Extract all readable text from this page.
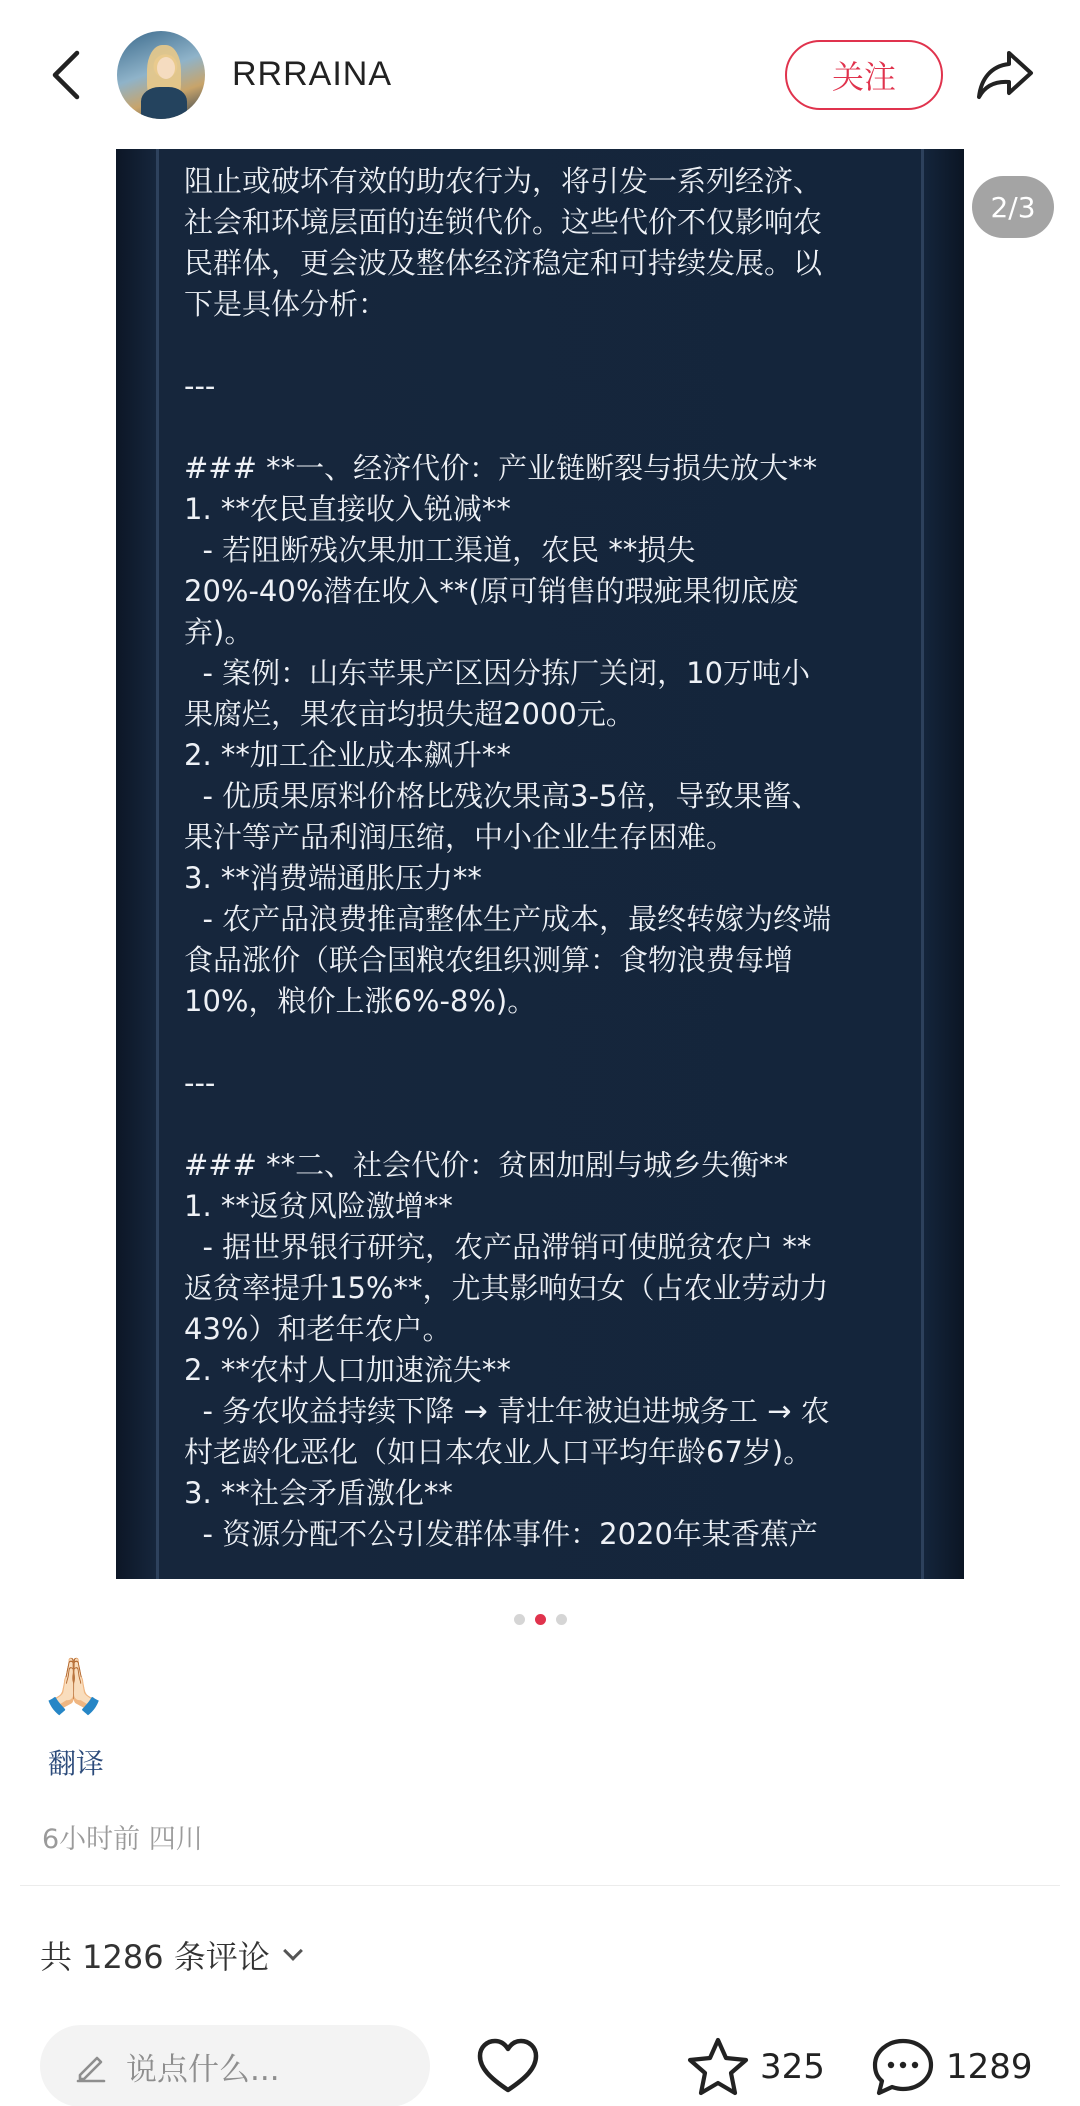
RRRAINA	关注
阻止或破坏有效的助农行为，将引发一系列经济、
社会和环境层面的连锁代价。这些代价不仅影响农
民群体，更会波及整体经济稳定和可持续发展。以
下是具体分析：

---

### **一、经济代价：产业链断裂与损失放大**
1. **农民直接收入锐减**
- 若阻断残次果加工渠道，农民 **损失
20%-40%潜在收入**(原可销售的瑕疵果彻底废
弃)。
- 案例：山东苹果产区因分拣厂关闭，10万吨小
果腐烂，果农亩均损失超2000元。
2. **加工企业成本飙升**
- 优质果原料价格比残次果高3-5倍，导致果酱、
果汁等产品利润压缩，中小企业生存困难。
3. **消费端通胀压力**
- 农产品浪费推高整体生产成本，最终转嫁为终端
食品涨价（联合国粮农组织测算：食物浪费每增
10%，粮价上涨6%-8%)。

---

### **二、社会代价：贫困加剧与城乡失衡**
1. **返贫风险激增**
- 据世界银行研究，农产品滞销可使脱贫农户 **
返贫率提升15%**，尤其影响妇女（占农业劳动力
43%）和老年农户。
2. **农村人口加速流失**
- 务农收益持续下降 → 青壮年被迫进城务工 → 农
村老龄化恶化（如日本农业人口平均年龄67岁)。
3. **社会矛盾激化**
- 资源分配不公引发群体事件：2020年某香蕉产
2/3
🙏🏻
翻译
6小时前 四川
共 1286 条评论
说点什么...	325	1289
